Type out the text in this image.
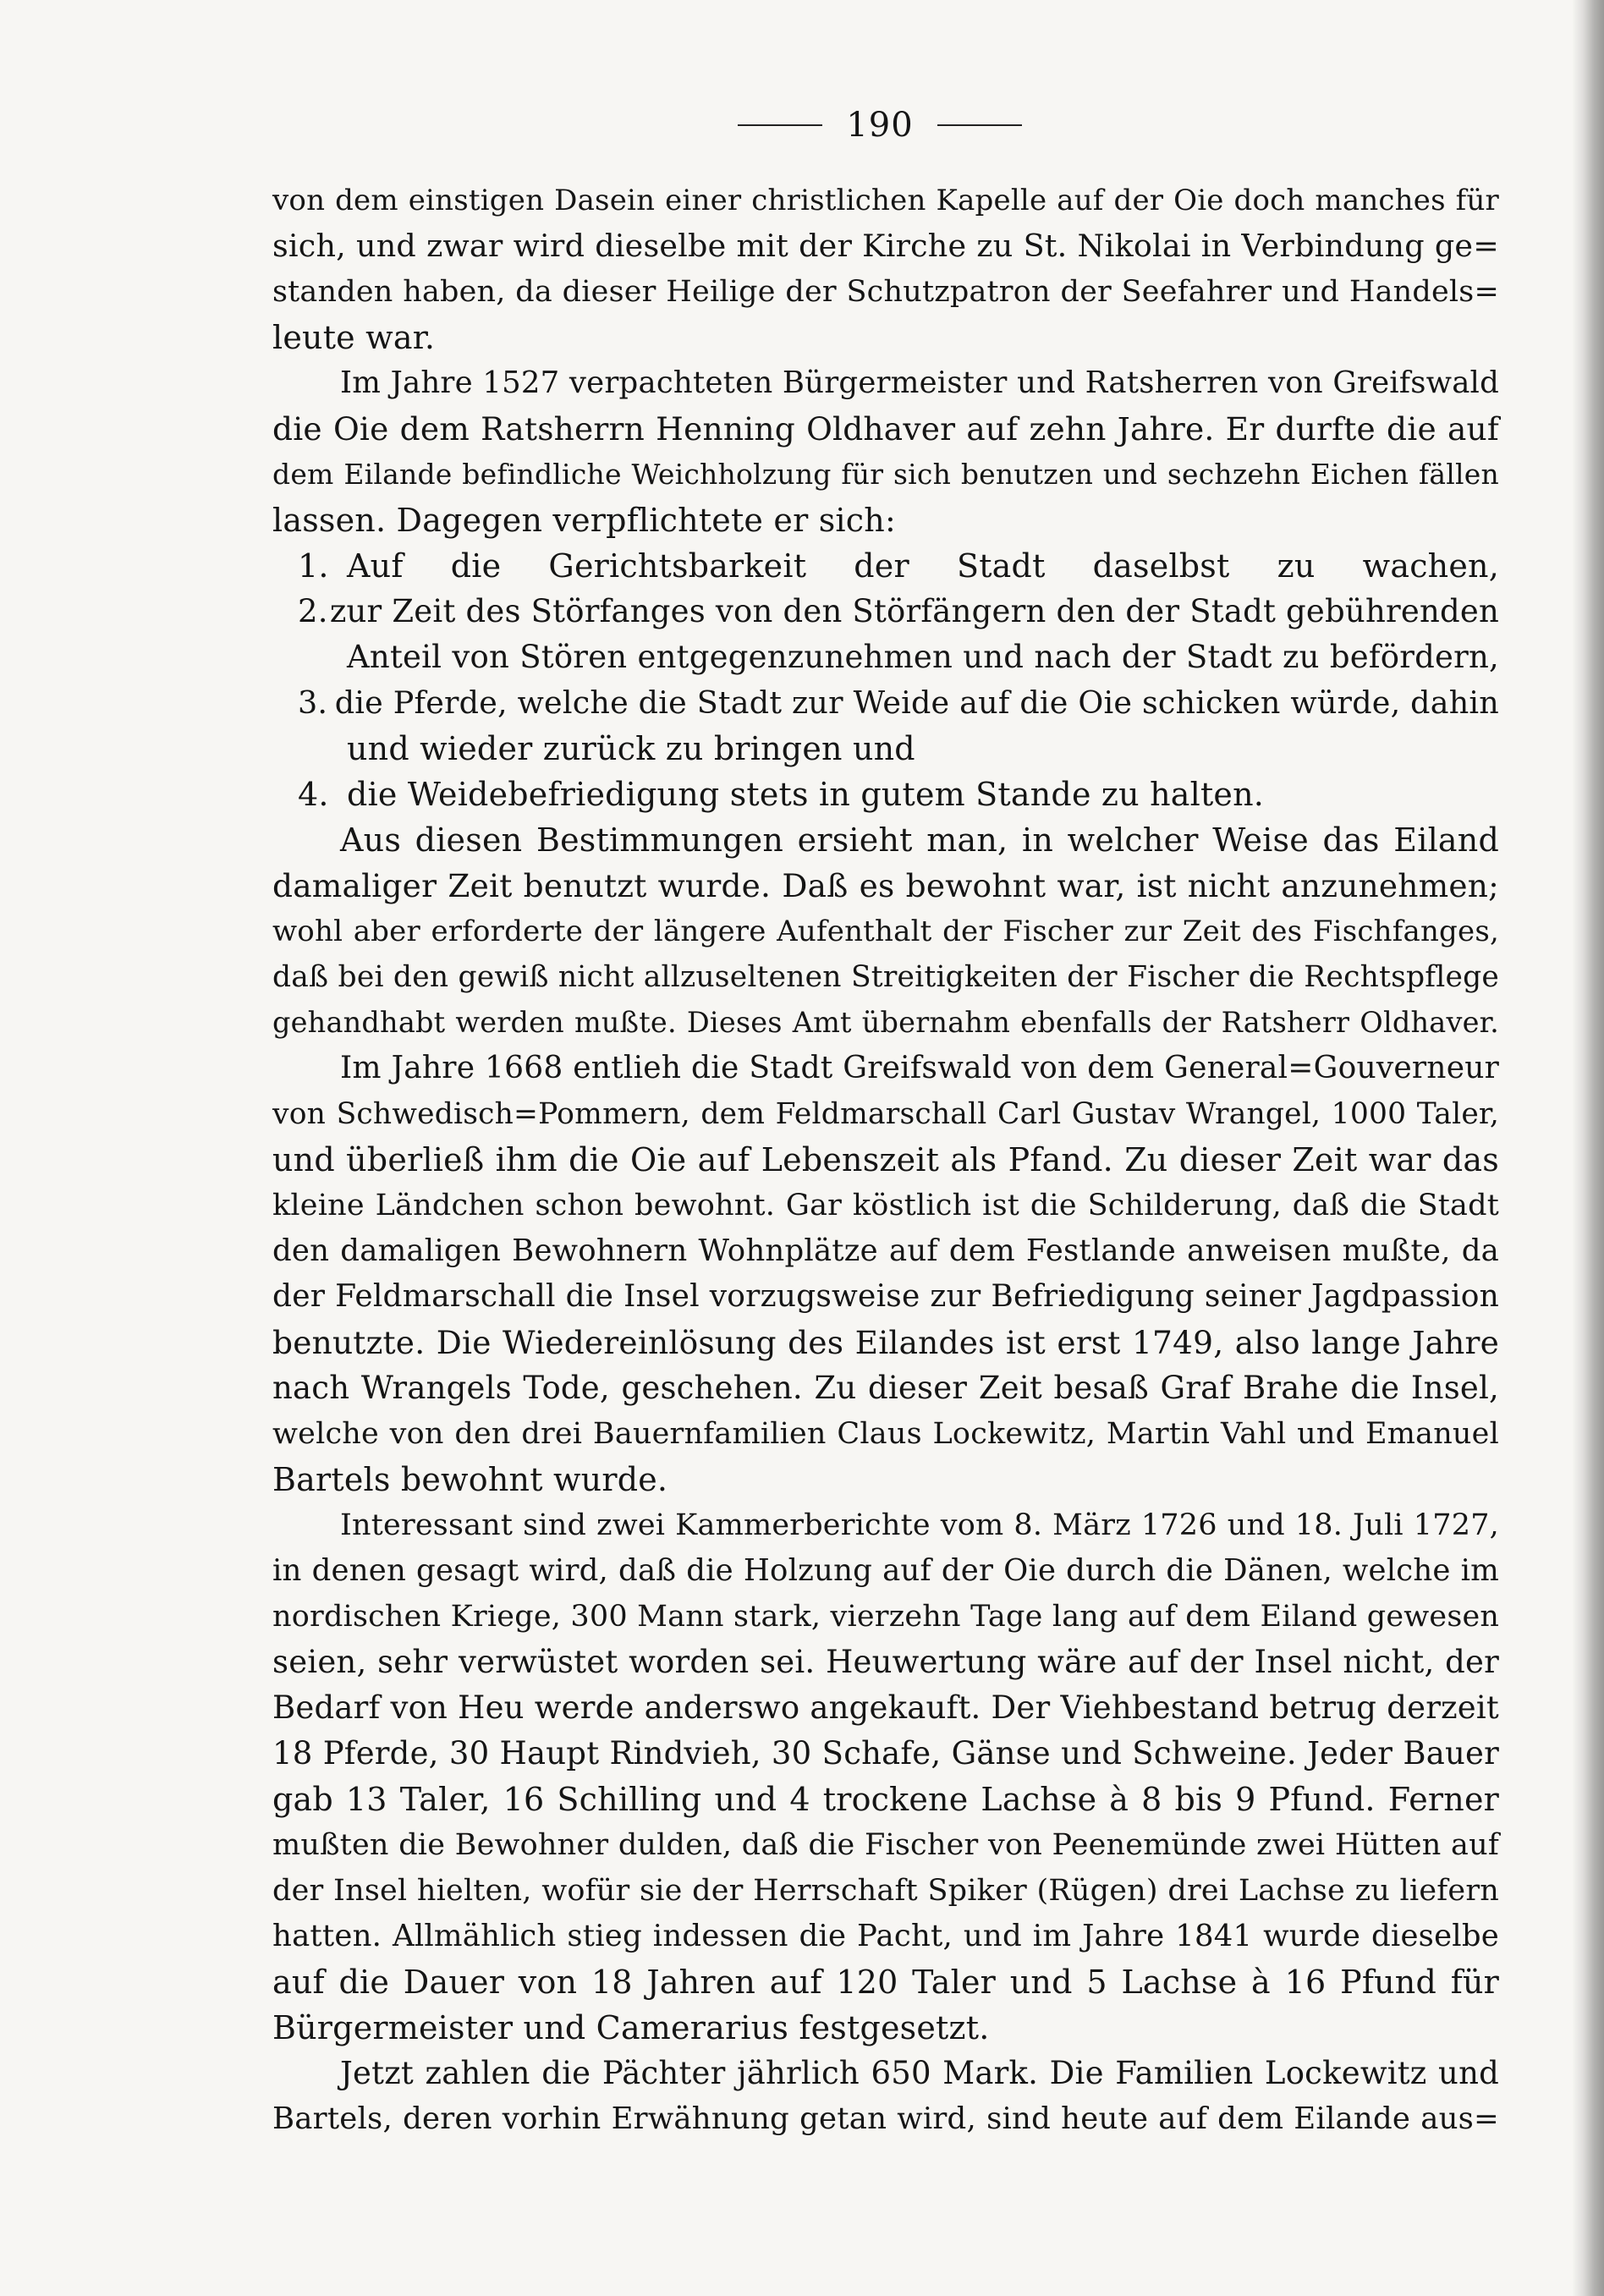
190
von dem einstigen Dasein einer christlichen Kapelle auf der Oie doch manches für
sich, und zwar wird dieselbe mit der Kirche zu St. Nikolai in Verbindung ge=
standen haben, da dieser Heilige der Schutzpatron der Seefahrer und Handels=
leute war.
Im Jahre 1527 verpachteten Bürgermeister und Ratsherren von Greifswald
die Oie dem Ratsherrn Henning Oldhaver auf zehn Jahre. Er durfte die auf
dem Eilande befindliche Weichholzung für sich benutzen und sechzehn Eichen fällen
lassen. Dagegen verpflichtete er sich:
1. Auf die Gerichtsbarkeit der Stadt daselbst zu wachen,
2. zur Zeit des Störfanges von den Störfängern den der Stadt gebührenden
Anteil von Stören entgegenzunehmen und nach der Stadt zu befördern,
3. die Pferde, welche die Stadt zur Weide auf die Oie schicken würde, dahin
und wieder zurück zu bringen und
4. die Weidebefriedigung stets in gutem Stande zu halten.
Aus diesen Bestimmungen ersieht man, in welcher Weise das Eiland
damaliger Zeit benutzt wurde. Daß es bewohnt war, ist nicht anzunehmen;
wohl aber erforderte der längere Aufenthalt der Fischer zur Zeit des Fischfanges,
daß bei den gewiß nicht allzuseltenen Streitigkeiten der Fischer die Rechtspflege
gehandhabt werden mußte. Dieses Amt übernahm ebenfalls der Ratsherr Oldhaver.
Im Jahre 1668 entlieh die Stadt Greifswald von dem General=Gouverneur
von Schwedisch=Pommern, dem Feldmarschall Carl Gustav Wrangel, 1000 Taler,
und überließ ihm die Oie auf Lebenszeit als Pfand. Zu dieser Zeit war das
kleine Ländchen schon bewohnt. Gar köstlich ist die Schilderung, daß die Stadt
den damaligen Bewohnern Wohnplätze auf dem Festlande anweisen mußte, da
der Feldmarschall die Insel vorzugsweise zur Befriedigung seiner Jagdpassion
benutzte. Die Wiedereinlösung des Eilandes ist erst 1749, also lange Jahre
nach Wrangels Tode, geschehen. Zu dieser Zeit besaß Graf Brahe die Insel,
welche von den drei Bauernfamilien Claus Lockewitz, Martin Vahl und Emanuel
Bartels bewohnt wurde.
Interessant sind zwei Kammerberichte vom 8. März 1726 und 18. Juli 1727,
in denen gesagt wird, daß die Holzung auf der Oie durch die Dänen, welche im
nordischen Kriege, 300 Mann stark, vierzehn Tage lang auf dem Eiland gewesen
seien, sehr verwüstet worden sei. Heuwertung wäre auf der Insel nicht, der
Bedarf von Heu werde anderswo angekauft. Der Viehbestand betrug derzeit
18 Pferde, 30 Haupt Rindvieh, 30 Schafe, Gänse und Schweine. Jeder Bauer
gab 13 Taler, 16 Schilling und 4 trockene Lachse à 8 bis 9 Pfund. Ferner
mußten die Bewohner dulden, daß die Fischer von Peenemünde zwei Hütten auf
der Insel hielten, wofür sie der Herrschaft Spiker (Rügen) drei Lachse zu liefern
hatten. Allmählich stieg indessen die Pacht, und im Jahre 1841 wurde dieselbe
auf die Dauer von 18 Jahren auf 120 Taler und 5 Lachse à 16 Pfund für
Bürgermeister und Camerarius festgesetzt.
Jetzt zahlen die Pächter jährlich 650 Mark. Die Familien Lockewitz und
Bartels, deren vorhin Erwähnung getan wird, sind heute auf dem Eilande aus=
